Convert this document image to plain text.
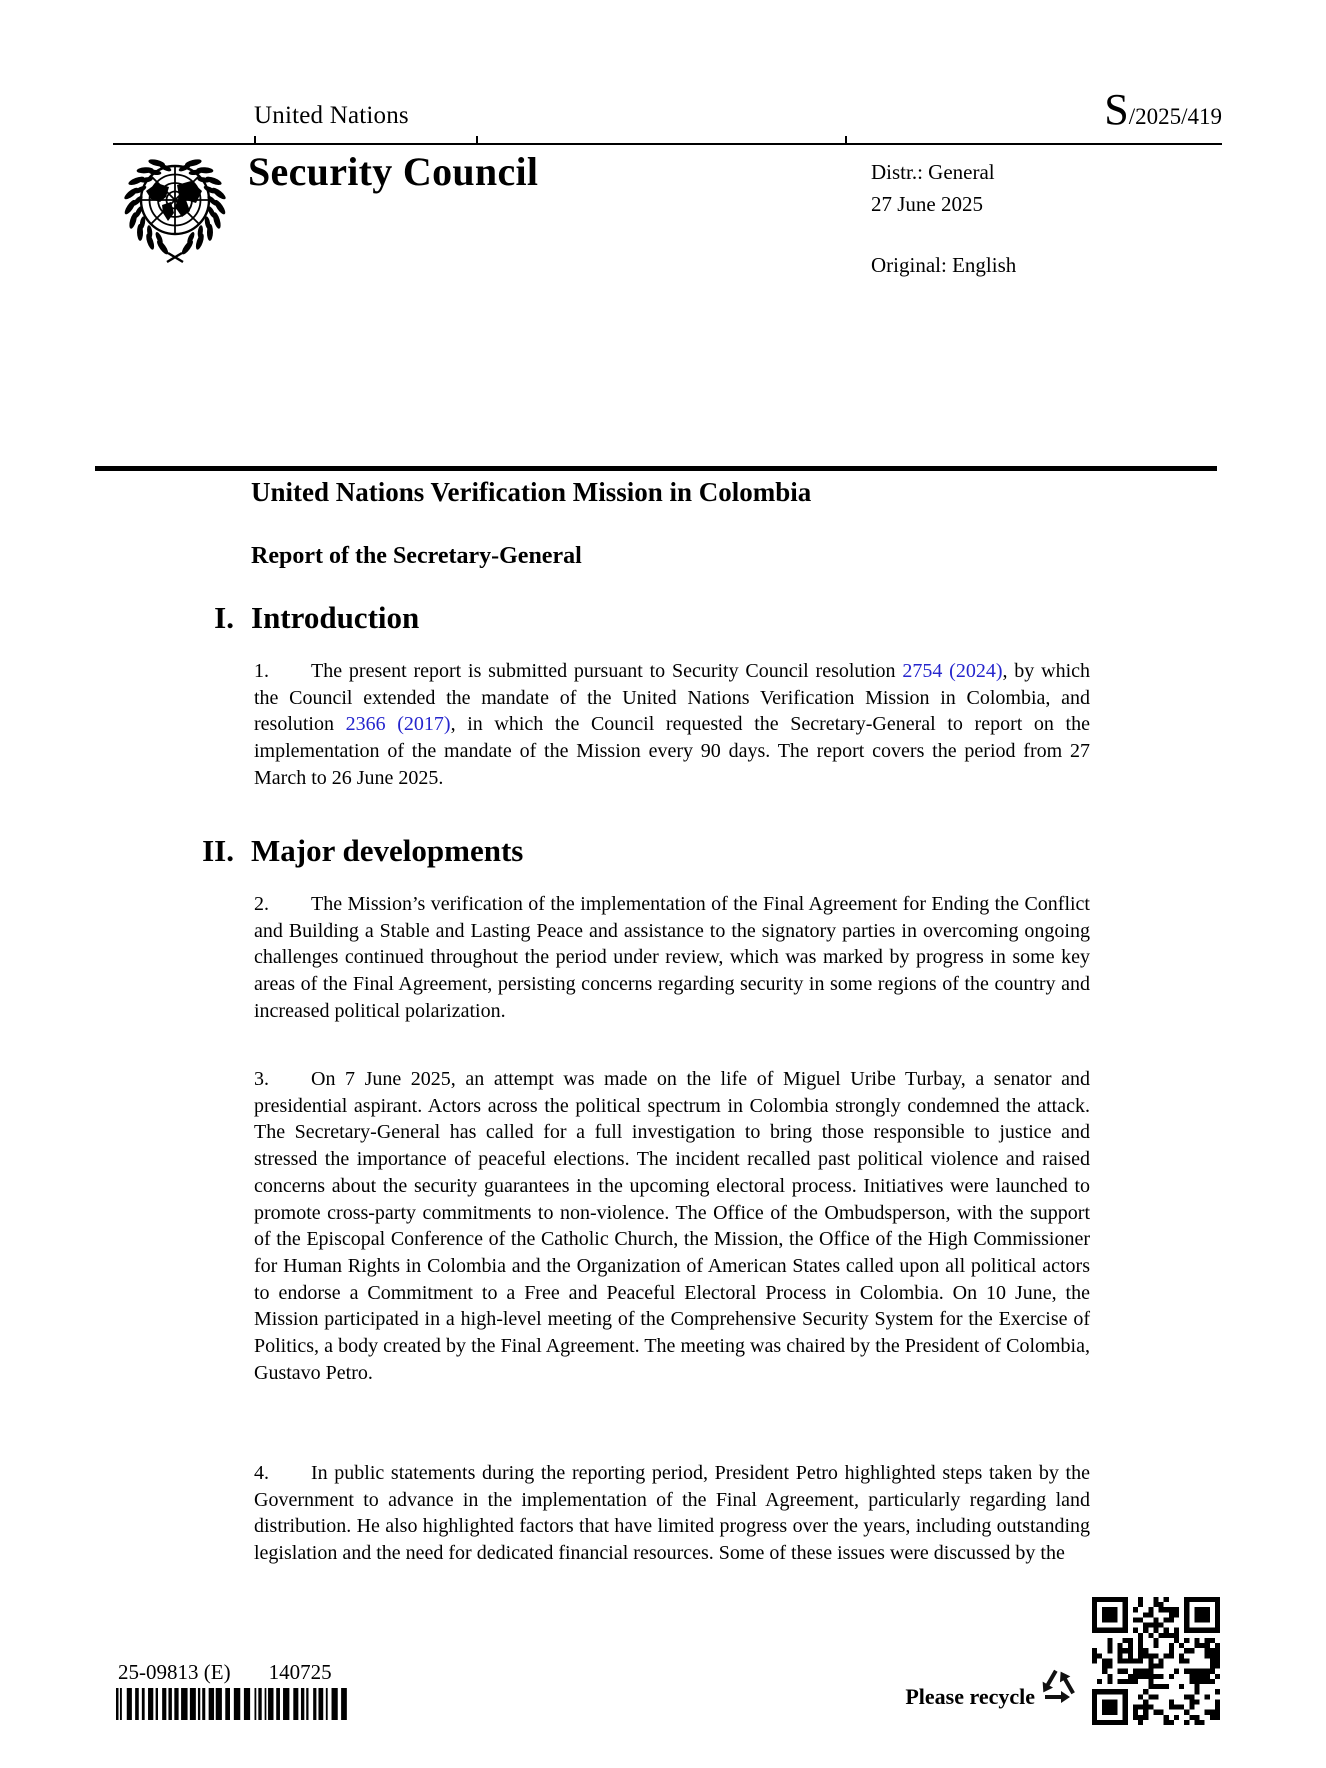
United Nations	S/2025/419
Security Council	Distr.: General
27 June 2025
Original: English
United Nations Verification Mission in Colombia
Report of the Secretary-General
I. Introduction

1. The present report is submitted pursuant to Security Council resolution 2754 (2024), by which the Council extended the mandate of the United Nations Verification Mission in Colombia, and resolution 2366 (2017), in which the Council requested the Secretary-General to report on the implementation of the mandate of the Mission every 90 days. The report covers the period from 27 March to 26 June 2025.

II. Major developments

2. The Mission’s verification of the implementation of the Final Agreement for Ending the Conflict and Building a Stable and Lasting Peace and assistance to the signatory parties in overcoming ongoing challenges continued throughout the period under review, which was marked by progress in some key areas of the Final Agreement, persisting concerns regarding security in some regions of the country and increased political polarization.

3. On 7 June 2025, an attempt was made on the life of Miguel Uribe Turbay, a senator and presidential aspirant. Actors across the political spectrum in Colombia strongly condemned the attack. The Secretary-General has called for a full investigation to bring those responsible to justice and stressed the importance of peaceful elections. The incident recalled past political violence and raised concerns about the security guarantees in the upcoming electoral process. Initiatives were launched to promote cross-party commitments to non-violence. The Office of the Ombudsperson, with the support of the Episcopal Conference of the Catholic Church, the Mission, the Office of the High Commissioner for Human Rights in Colombia and the Organization of American States called upon all political actors to endorse a Commitment to a Free and Peaceful Electoral Process in Colombia. On 10 June, the Mission participated in a high-level meeting of the Comprehensive Security System for the Exercise of Politics, a body created by the Final Agreement. The meeting was chaired by the President of Colombia, Gustavo Petro.

4. In public statements during the reporting period, President Petro highlighted steps taken by the Government to advance in the implementation of the Final Agreement, particularly regarding land distribution. He also highlighted factors that have limited progress over the years, including outstanding legislation and the need for dedicated financial resources. Some of these issues were discussed by the

25-09813 (E) 140725
Please recycle
